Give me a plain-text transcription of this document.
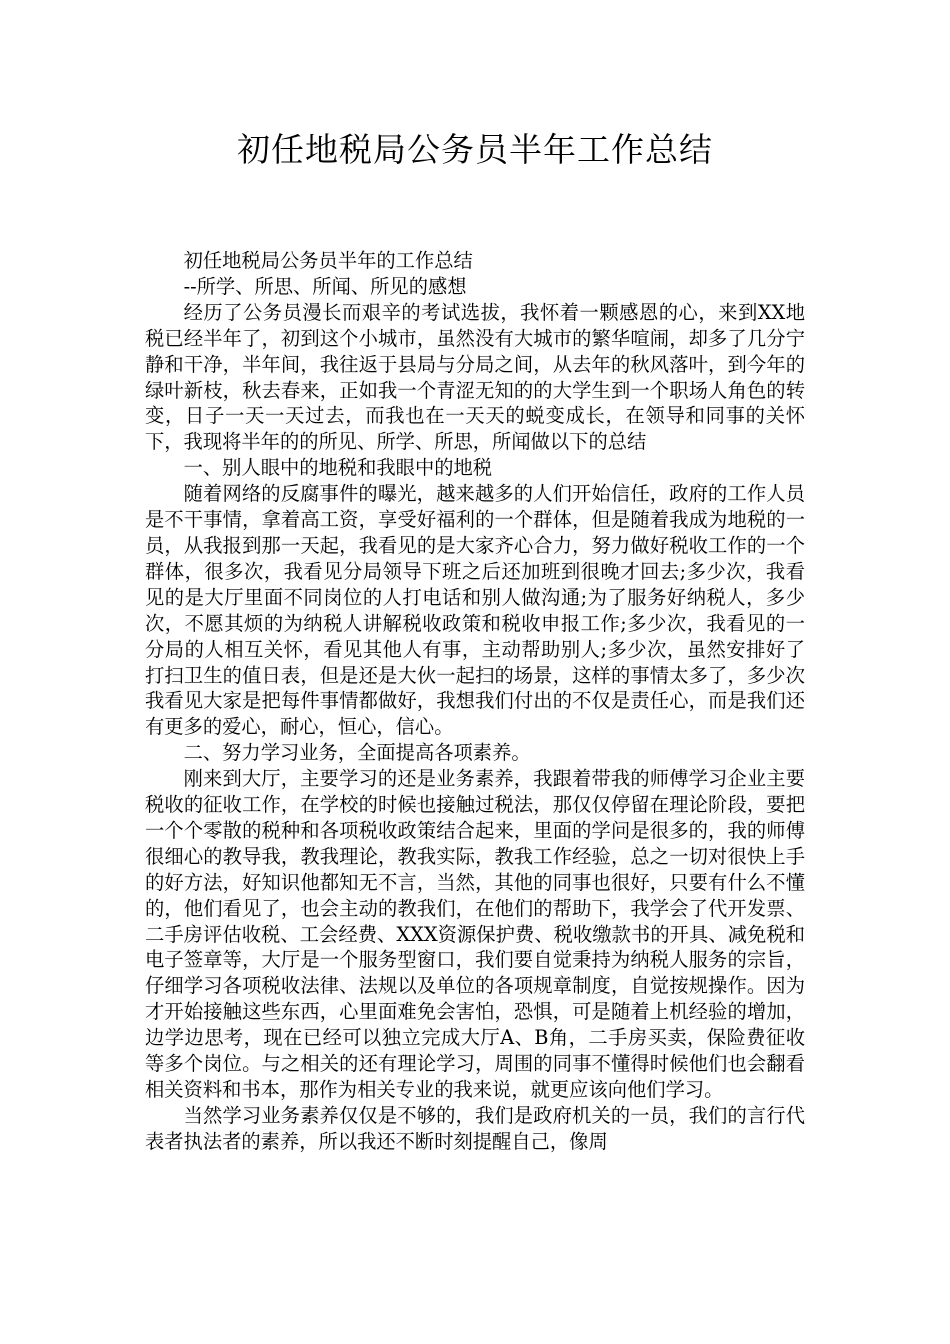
初任地税局公务员半年工作总结

初任地税局公务员半年的工作总结

--所学、所思、所闻、所见的感想

经历了公务员漫长而艰辛的考试选拔，我怀着一颗感恩的心，来到XX地税已经半年了，初到这个小城市，虽然没有大城市的繁华喧闹，却多了几分宁静和干净，半年间，我往返于县局与分局之间，从去年的秋风落叶，到今年的绿叶新枝，秋去春来，正如我一个青涩无知的的大学生到一个职场人角色的转变，日子一天一天过去，而我也在一天天的蜕变成长，在领导和同事的关怀下，我现将半年的的所见、所学、所思，所闻做以下的总结

一、别人眼中的地税和我眼中的地税

随着网络的反腐事件的曝光，越来越多的人们开始信任，政府的工作人员是不干事情，拿着高工资，享受好福利的一个群体，但是随着我成为地税的一员，从我报到那一天起，我看见的是大家齐心合力，努力做好税收工作的一个群体，很多次，我看见分局领导下班之后还加班到很晚才回去;多少次，我看见的是大厅里面不同岗位的人打电话和别人做沟通;为了服务好纳税人，多少次，不愿其烦的为纳税人讲解税收政策和税收申报工作;多少次，我看见的一分局的人相互关怀，看见其他人有事，主动帮助别人;多少次，虽然安排好了打扫卫生的值日表，但是还是大伙一起扫的场景，这样的事情太多了，多少次我看见大家是把每件事情都做好，我想我们付出的不仅是责任心，而是我们还有更多的爱心，耐心，恒心，信心。

二、努力学习业务，全面提高各项素养。

刚来到大厅，主要学习的还是业务素养，我跟着带我的师傅学习企业主要税收的征收工作，在学校的时候也接触过税法，那仅仅停留在理论阶段，要把一个个零散的税种和各项税收政策结合起来，里面的学问是很多的，我的师傅很细心的教导我，教我理论，教我实际，教我工作经验，总之一切对很快上手的好方法，好知识他都知无不言，当然，其他的同事也很好，只要有什么不懂的，他们看见了，也会主动的教我们，在他们的帮助下，我学会了代开发票、二手房评估收税、工会经费、XXX资源保护费、税收缴款书的开具、减免税和电子签章等，大厅是一个服务型窗口，我们要自觉秉持为纳税人服务的宗旨，仔细学习各项税收法律、法规以及单位的各项规章制度，自觉按规操作。因为才开始接触这些东西，心里面难免会害怕，恐惧，可是随着上机经验的增加，边学边思考，现在已经可以独立完成大厅A、B角，二手房买卖，保险费征收等多个岗位。与之相关的还有理论学习，周围的同事不懂得时候他们也会翻看相关资料和书本，那作为相关专业的我来说，就更应该向他们学习。

当然学习业务素养仅仅是不够的，我们是政府机关的一员，我们的言行代表者执法者的素养，所以我还不断时刻提醒自己，像周
